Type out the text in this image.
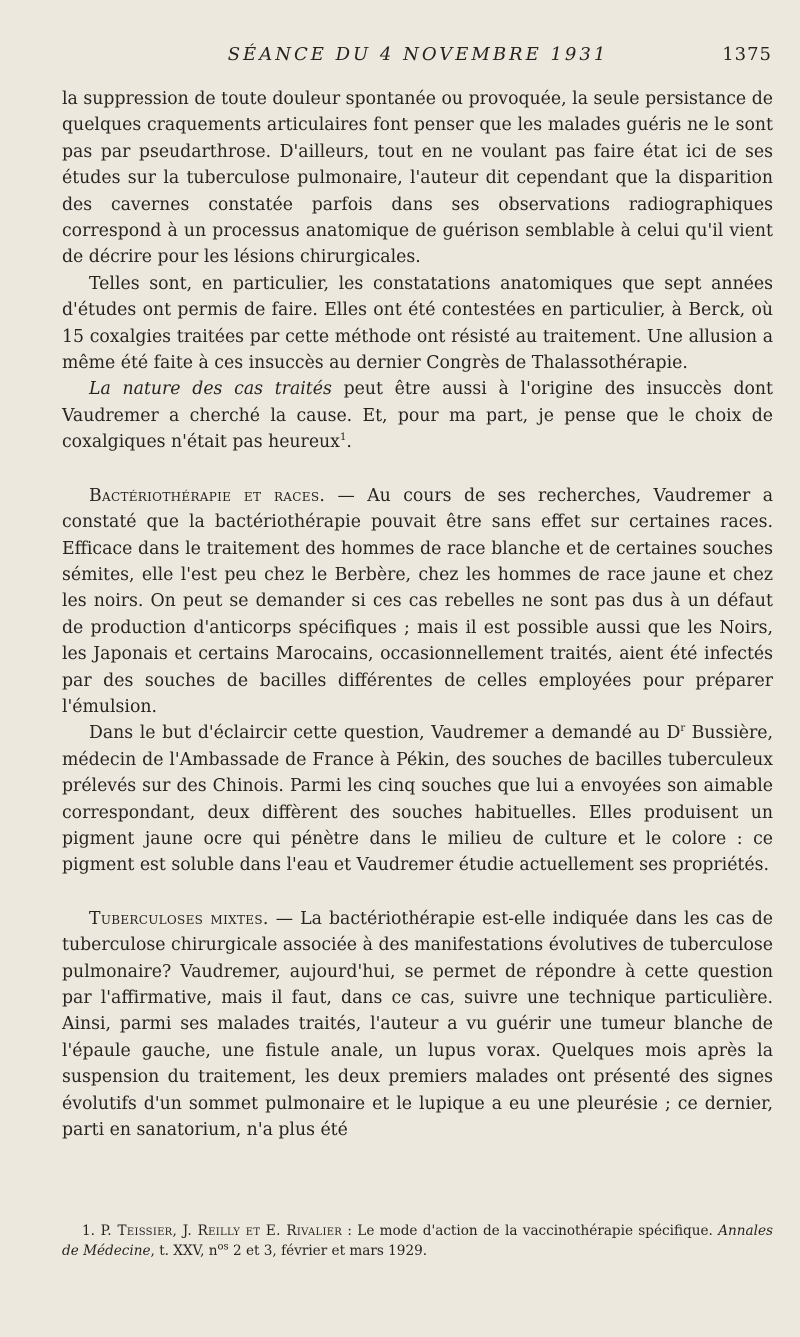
SÉANCE DU 4 NOVEMBRE 1931	1375

la suppression de toute douleur spontanée ou provoquée, la seule persistance de quelques craquements articulaires font penser que les malades guéris ne le sont pas par pseudarthrose. D'ailleurs, tout en ne voulant pas faire état ici de ses études sur la tuberculose pulmonaire, l'auteur dit cependant que la disparition des cavernes constatée parfois dans ses observations radiographiques correspond à un processus anatomique de guérison semblable à celui qu'il vient de décrire pour les lésions chirurgicales.

Telles sont, en particulier, les constatations anatomiques que sept années d'études ont permis de faire. Elles ont été contestées en particulier, à Berck, où 15 coxalgies traitées par cette méthode ont résisté au traitement. Une allusion a même été faite à ces insuccès au dernier Congrès de Thalassothérapie.

La nature des cas traités peut être aussi à l'origine des insuccès dont Vaudremer a cherché la cause. Et, pour ma part, je pense que le choix de coxalgiques n'était pas heureux$^1$.

Bactériothérapie et races. — Au cours de ses recherches, Vaudremer a constaté que la bactériothérapie pouvait être sans effet sur certaines races. Efficace dans le traitement des hommes de race blanche et de certaines souches sémites, elle l'est peu chez le Berbère, chez les hommes de race jaune et chez les noirs. On peut se demander si ces cas rebelles ne sont pas dus à un défaut de production d'anticorps spécifiques ; mais il est possible aussi que les Noirs, les Japonais et certains Marocains, occasionnellement traités, aient été infectés par des souches de bacilles différentes de celles employées pour préparer l'émulsion.

Dans le but d'éclaircir cette question, Vaudremer a demandé au $D^r$ Bussière, médecin de l'Ambassade de France à Pékin, des souches de bacilles tuberculeux prélevés sur des Chinois. Parmi les cinq souches que lui a envoyées son aimable correspondant, deux diffèrent des souches habituelles. Elles produisent un pigment jaune ocre qui pénètre dans le milieu de culture et le colore : ce pigment est soluble dans l'eau et Vaudremer étudie actuellement ses propriétés.

Tuberculoses mixtes. — La bactériothérapie est-elle indiquée dans les cas de tuberculose chirurgicale associée à des manifestations évolutives de tuberculose pulmonaire? Vaudremer, aujourd'hui, se permet de répondre à cette question par l'affirmative, mais il faut, dans ce cas, suivre une technique particulière. Ainsi, parmi ses malades traités, l'auteur a vu guérir une tumeur blanche de l'épaule gauche, une fistule anale, un lupus vorax. Quelques mois après la suspension du traitement, les deux premiers malades ont présenté des signes évolutifs d'un sommet pulmonaire et le lupique a eu une pleurésie ; ce dernier, parti en sanatorium, n'a plus été

1. P. Teissier, J. Reilly et E. Rivalier : Le mode d'action de la vaccinothérapie spécifique. Annales de Médecine, t. XXV, $n^{os}$ 2 et 3, février et mars 1929.
